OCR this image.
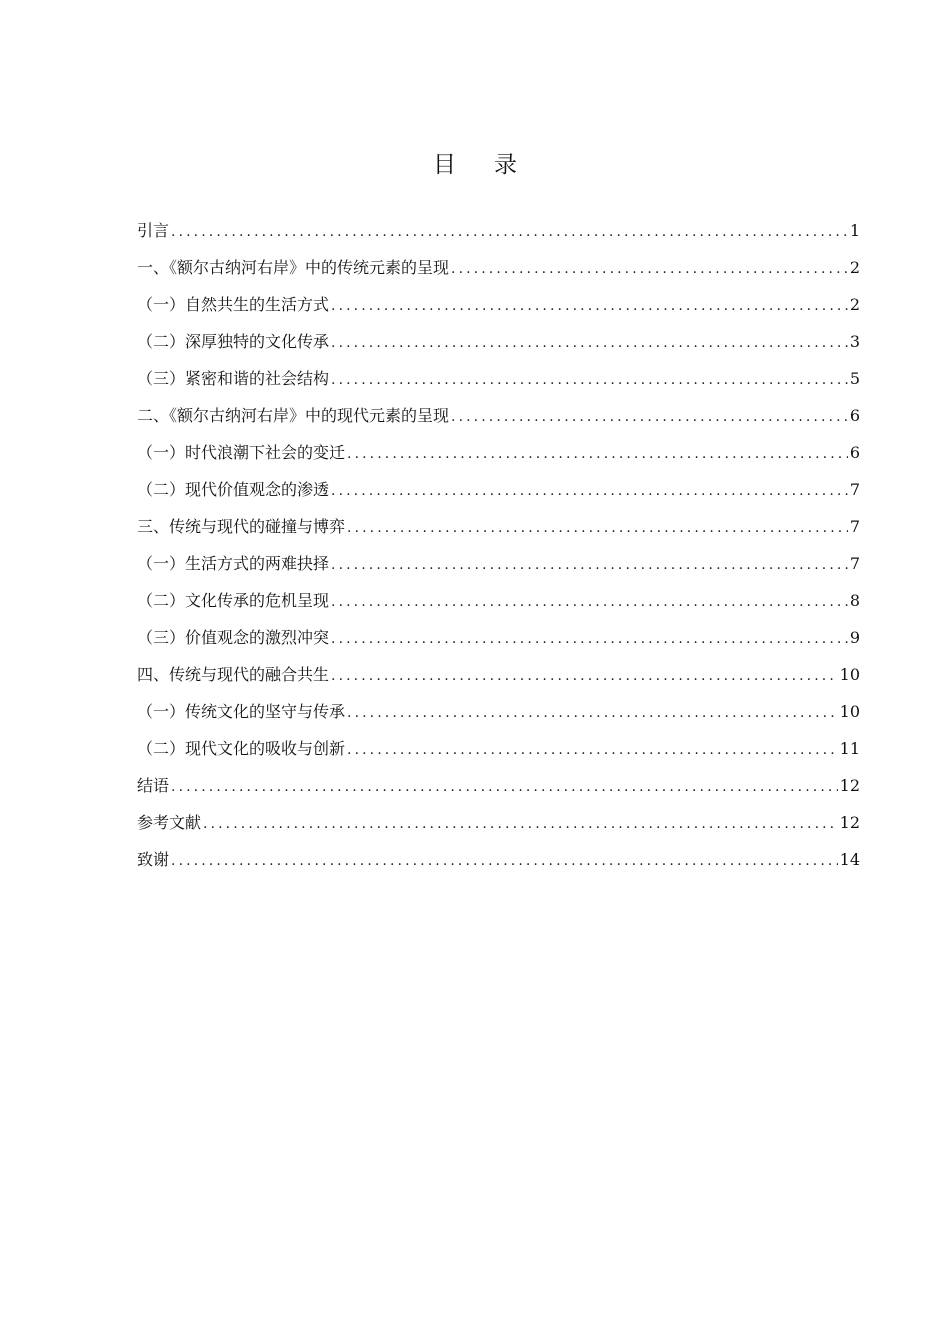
目 录
引言 .....	1
一、《额尔古纳河右岸》中的传统元素的呈现 .....	2
（一）自然共生的生活方式 .....	2
（二）深厚独特的文化传承 .....	3
（三）紧密和谐的社会结构 .....	5
二、《额尔古纳河右岸》中的现代元素的呈现 .....	6
（一）时代浪潮下社会的变迁 .....	6
（二）现代价值观念的渗透 .....	7
三、传统与现代的碰撞与博弈 .....	7
（一）生活方式的两难抉择 .....	7
（二）文化传承的危机呈现 .....	8
（三）价值观念的激烈冲突 .....	9
四、传统与现代的融合共生 .....	10
（一）传统文化的坚守与传承 .....	10
（二）现代文化的吸收与创新 .....	11
结语 .....	12
参考文献 .....	12
致谢 .....	14
